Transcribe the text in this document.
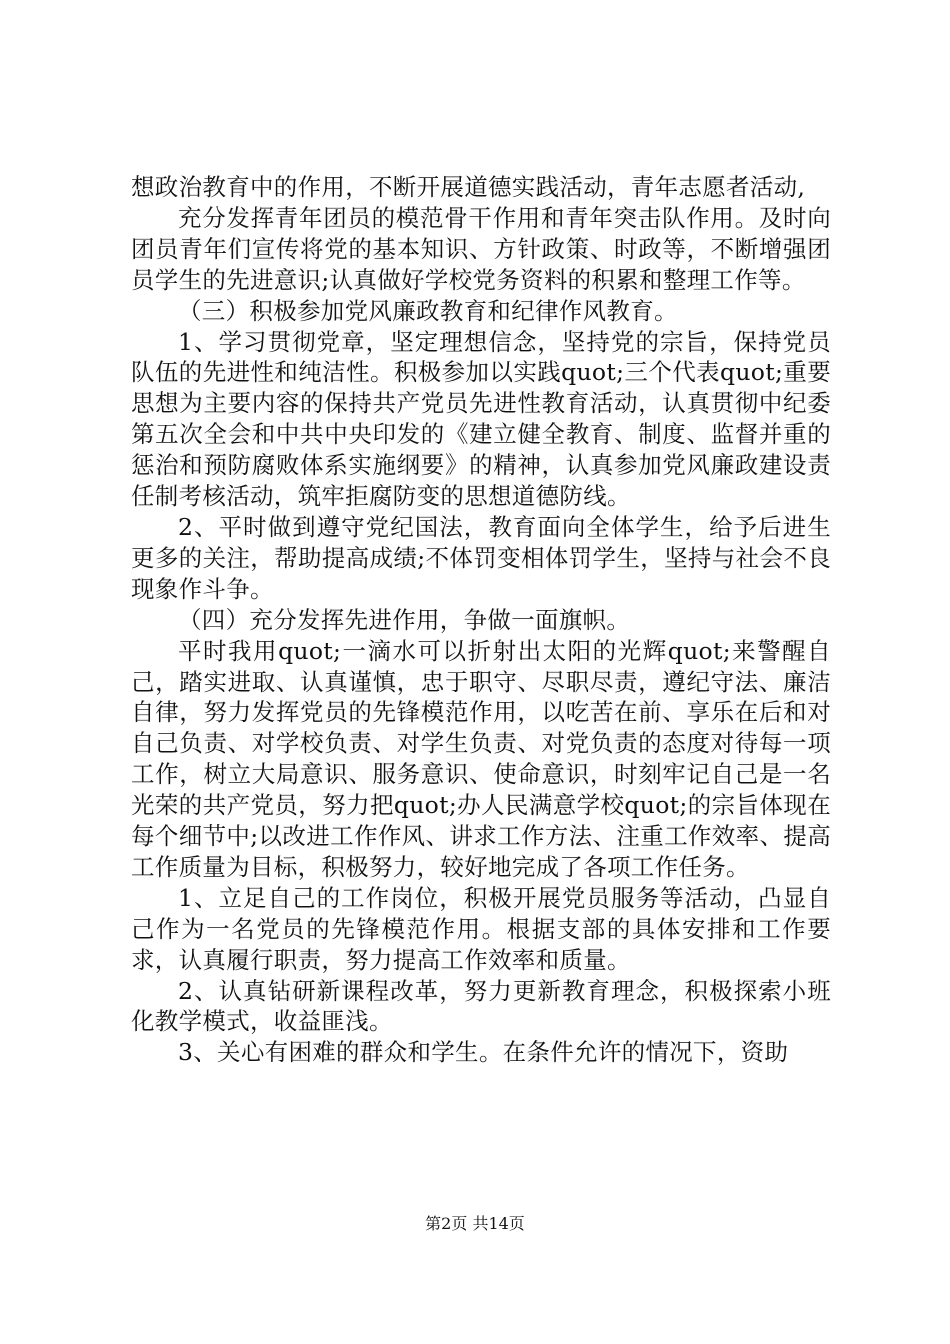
想政治教育中的作用，不断开展道德实践活动，青年志愿者活动,

充分发挥青年团员的模范骨干作用和青年突击队作用。及时向团员青年们宣传将党的基本知识、方针政策、时政等，不断增强团员学生的先进意识;认真做好学校党务资料的积累和整理工作等。

（三）积极参加党风廉政教育和纪律作风教育。

1、学习贯彻党章，坚定理想信念，坚持党的宗旨，保持党员队伍的先进性和纯洁性。积极参加以实践quot;三个代表quot;重要思想为主要内容的保持共产党员先进性教育活动，认真贯彻中纪委第五次全会和中共中央印发的《建立健全教育、制度、监督并重的惩治和预防腐败体系实施纲要》的精神，认真参加党风廉政建设责任制考核活动，筑牢拒腐防变的思想道德防线。

2、平时做到遵守党纪国法，教育面向全体学生，给予后进生更多的关注，帮助提高成绩;不体罚变相体罚学生，坚持与社会不良现象作斗争。

（四）充分发挥先进作用，争做一面旗帜。

平时我用quot;一滴水可以折射出太阳的光辉quot;来警醒自己，踏实进取、认真谨慎，忠于职守、尽职尽责，遵纪守法、廉洁自律，努力发挥党员的先锋模范作用，以吃苦在前、享乐在后和对自己负责、对学校负责、对学生负责、对党负责的态度对待每一项工作，树立大局意识、服务意识、使命意识，时刻牢记自己是一名光荣的共产党员，努力把quot;办人民满意学校quot;的宗旨体现在每个细节中;以改进工作作风、讲求工作方法、注重工作效率、提高工作质量为目标，积极努力，较好地完成了各项工作任务。

1、立足自己的工作岗位，积极开展党员服务等活动，凸显自己作为一名党员的先锋模范作用。根据支部的具体安排和工作要求，认真履行职责，努力提高工作效率和质量。

2、认真钻研新课程改革，努力更新教育理念，积极探索小班化教学模式，收益匪浅。

3、关心有困难的群众和学生。在条件允许的情况下，资助

第2页 共14页
